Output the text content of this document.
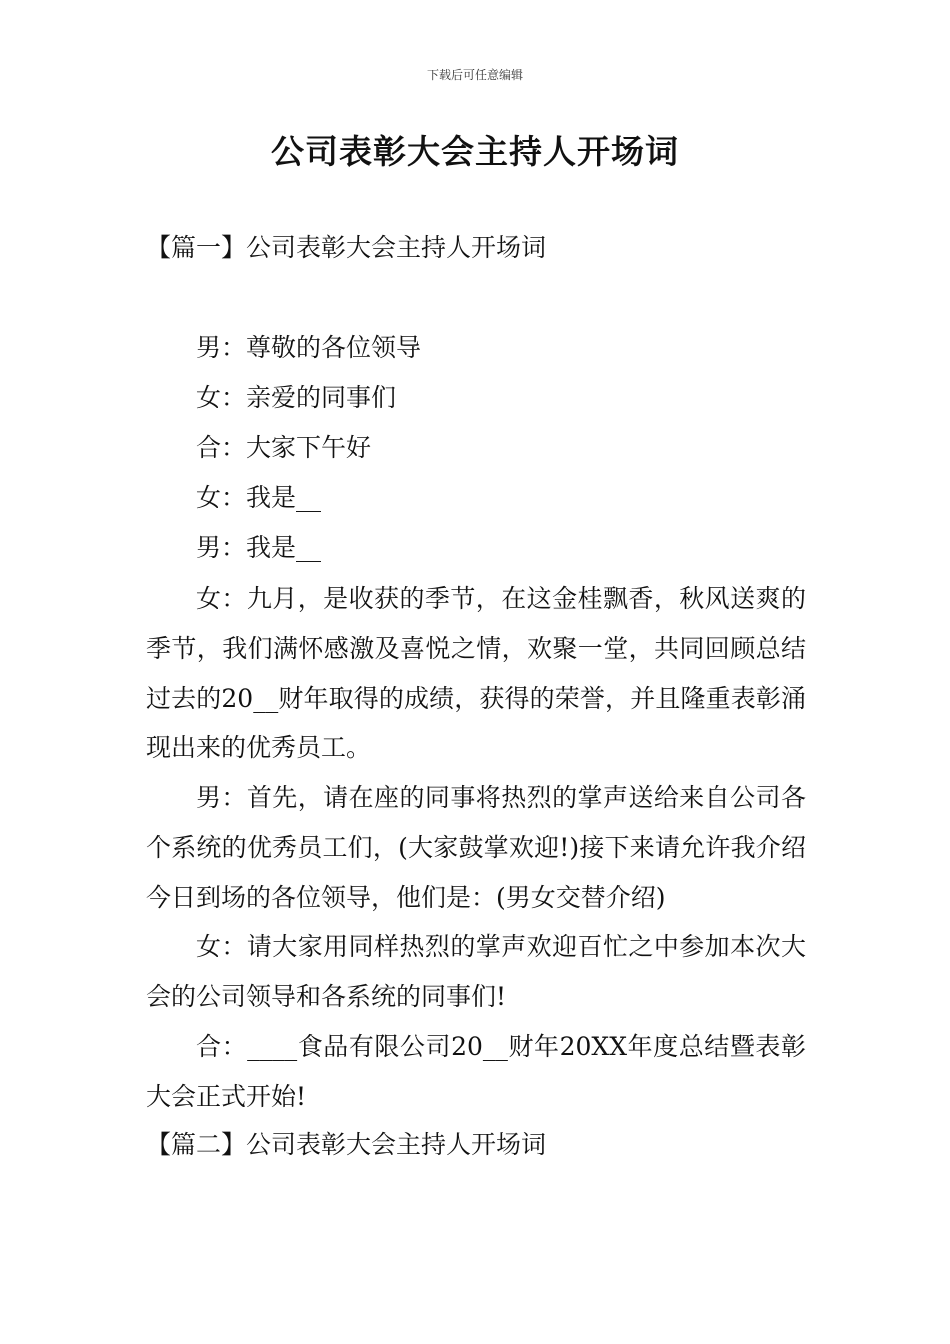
下载后可任意编辑
公司表彰大会主持人开场词
【篇一】公司表彰大会主持人开场词
男：尊敬的各位领导
女：亲爱的同事们
合：大家下午好
女：我是__
男：我是__
女：九月，是收获的季节，在这金桂飘香，秋风送爽的季节，我们满怀感激及喜悦之情，欢聚一堂，共同回顾总结过去的20__财年取得的成绩，获得的荣誉，并且隆重表彰涌现出来的优秀员工。
男：首先，请在座的同事将热烈的掌声送给来自公司各个系统的优秀员工们，(大家鼓掌欢迎!)接下来请允许我介绍今日到场的各位领导，他们是：(男女交替介绍)
女：请大家用同样热烈的掌声欢迎百忙之中参加本次大会的公司领导和各系统的同事们!
合：____食品有限公司20__财年20XX年度总结暨表彰大会正式开始!
【篇二】公司表彰大会主持人开场词
